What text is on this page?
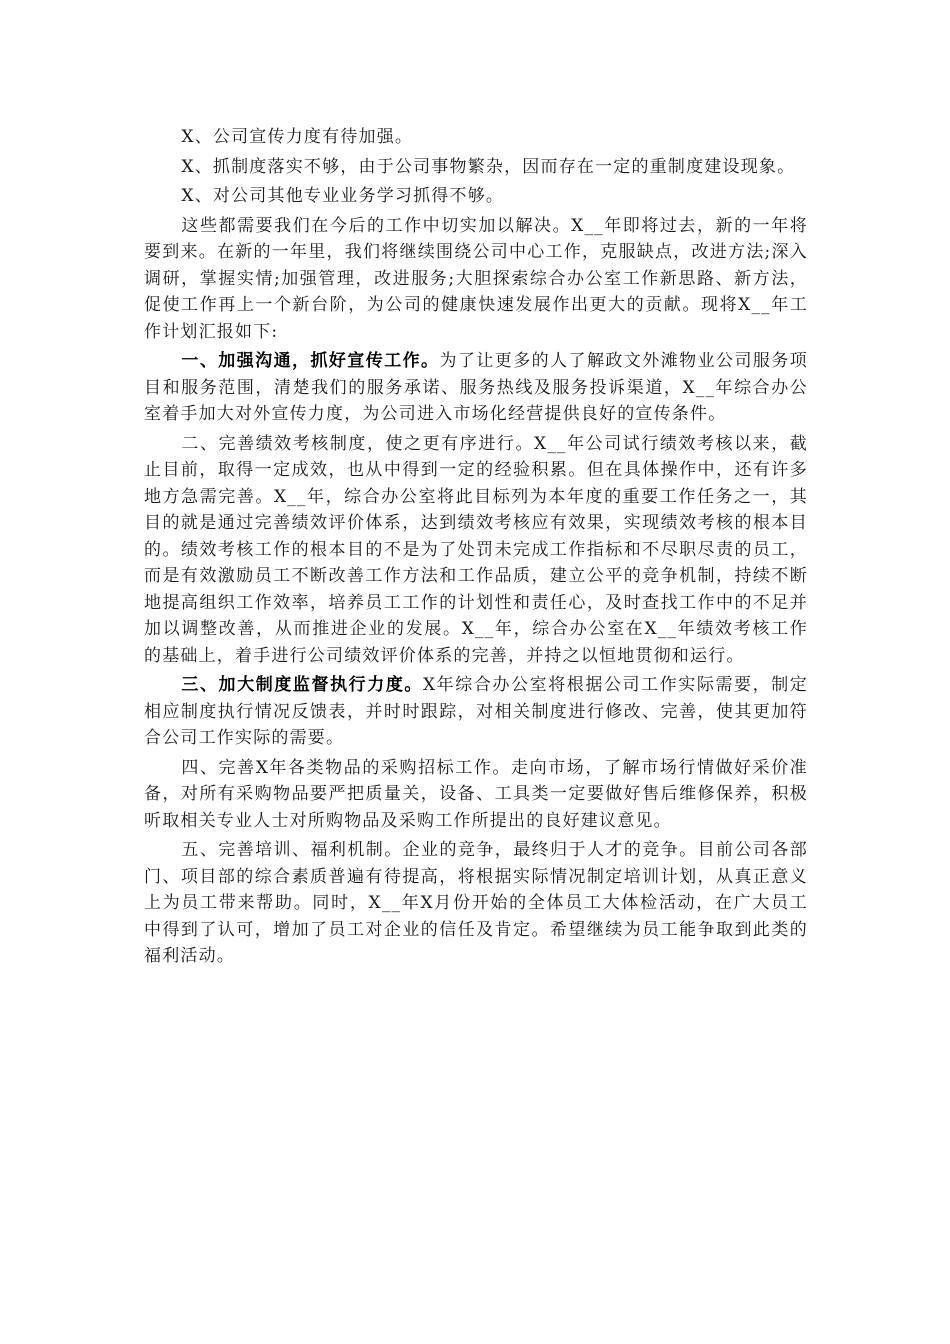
X、公司宣传力度有待加强。

X、抓制度落实不够，由于公司事物繁杂，因而存在一定的重制度建设现象。

X、对公司其他专业业务学习抓得不够。

这些都需要我们在今后的工作中切实加以解决。X__年即将过去，新的一年将要到来。在新的一年里，我们将继续围绕公司中心工作，克服缺点，改进方法;深入调研，掌握实情;加强管理，改进服务;大胆探索综合办公室工作新思路、新方法，促使工作再上一个新台阶，为公司的健康快速发展作出更大的贡献。现将X__年工作计划汇报如下:

一、加强沟通，抓好宣传工作。为了让更多的人了解政文外滩物业公司服务项目和服务范围，清楚我们的服务承诺、服务热线及服务投诉渠道，X__年综合办公室着手加大对外宣传力度，为公司进入市场化经营提供良好的宣传条件。

二、完善绩效考核制度，使之更有序进行。X__年公司试行绩效考核以来，截止目前，取得一定成效，也从中得到一定的经验积累。但在具体操作中，还有许多地方急需完善。X__年，综合办公室将此目标列为本年度的重要工作任务之一，其目的就是通过完善绩效评价体系，达到绩效考核应有效果，实现绩效考核的根本目的。绩效考核工作的根本目的不是为了处罚未完成工作指标和不尽职尽责的员工，而是有效激励员工不断改善工作方法和工作品质，建立公平的竞争机制，持续不断地提高组织工作效率，培养员工工作的计划性和责任心，及时查找工作中的不足并加以调整改善，从而推进企业的发展。X__年，综合办公室在X__年绩效考核工作的基础上，着手进行公司绩效评价体系的完善，并持之以恒地贯彻和运行。

三、加大制度监督执行力度。X年综合办公室将根据公司工作实际需要，制定相应制度执行情况反馈表，并时时跟踪，对相关制度进行修改、完善，使其更加符合公司工作实际的需要。

四、完善X年各类物品的采购招标工作。走向市场，了解市场行情做好采价准备，对所有采购物品要严把质量关，设备、工具类一定要做好售后维修保养，积极听取相关专业人士对所购物品及采购工作所提出的良好建议意见。

五、完善培训、福利机制。企业的竞争，最终归于人才的竞争。目前公司各部门、项目部的综合素质普遍有待提高，将根据实际情况制定培训计划，从真正意义上为员工带来帮助。同时，X__年X月份开始的全体员工大体检活动，在广大员工中得到了认可，增加了员工对企业的信任及肯定。希望继续为员工能争取到此类的福利活动。
